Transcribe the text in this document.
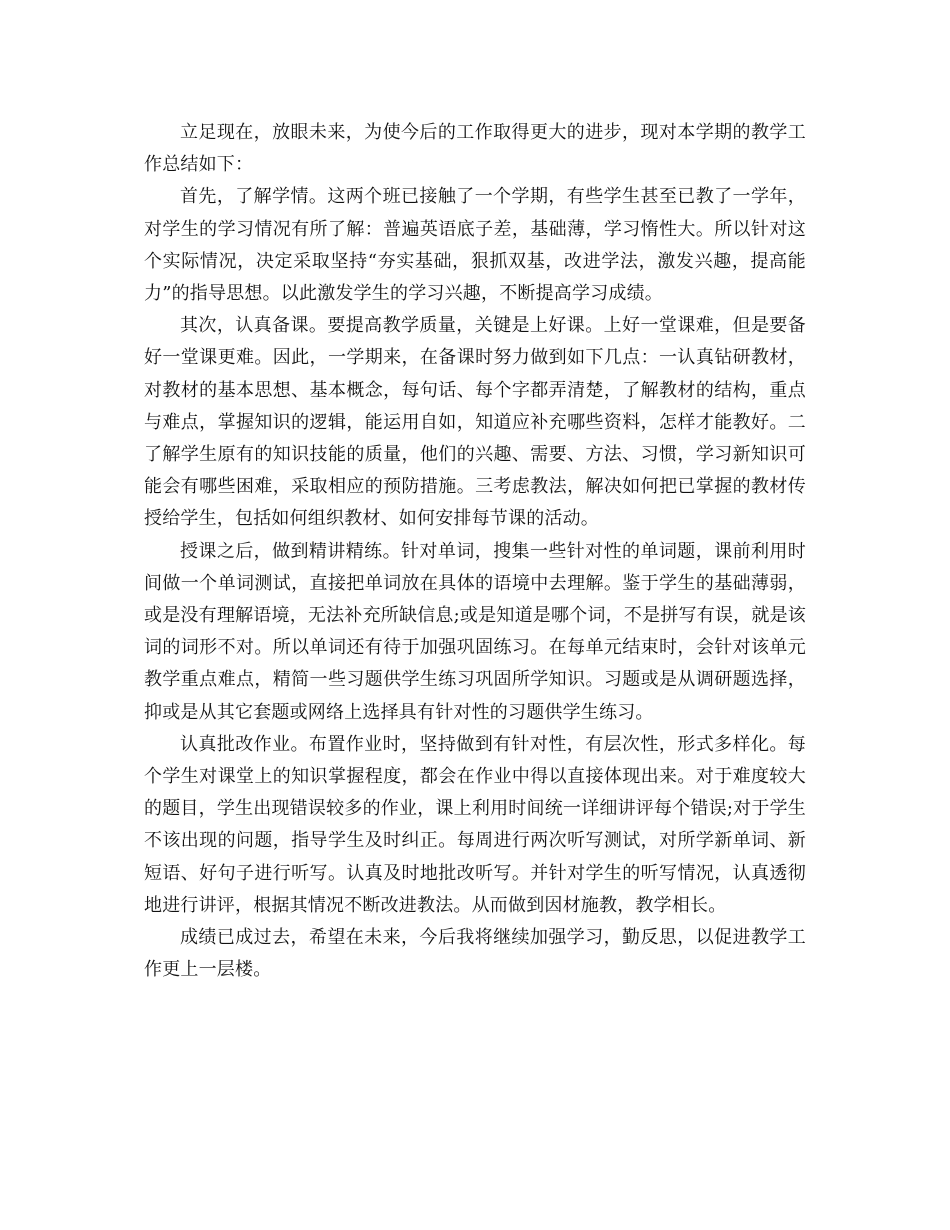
立足现在，放眼未来，为使今后的工作取得更大的进步，现对本学期的教学工作总结如下：

首先，了解学情。这两个班已接触了一个学期，有些学生甚至已教了一学年，对学生的学习情况有所了解：普遍英语底子差，基础薄，学习惰性大。所以针对这个实际情况，决定采取坚持“夯实基础，狠抓双基，改进学法，激发兴趣，提高能力”的指导思想。以此激发学生的学习兴趣，不断提高学习成绩。

其次，认真备课。要提高教学质量，关键是上好课。上好一堂课难，但是要备好一堂课更难。因此，一学期来，在备课时努力做到如下几点：一认真钻研教材，对教材的基本思想、基本概念，每句话、每个字都弄清楚，了解教材的结构，重点与难点，掌握知识的逻辑，能运用自如，知道应补充哪些资料，怎样才能教好。二了解学生原有的知识技能的质量，他们的兴趣、需要、方法、习惯，学习新知识可能会有哪些困难，采取相应的预防措施。三考虑教法，解决如何把已掌握的教材传授给学生，包括如何组织教材、如何安排每节课的活动。

授课之后，做到精讲精练。针对单词，搜集一些针对性的单词题，课前利用时间做一个单词测试，直接把单词放在具体的语境中去理解。鉴于学生的基础薄弱，或是没有理解语境，无法补充所缺信息;或是知道是哪个词，不是拼写有误，就是该词的词形不对。所以单词还有待于加强巩固练习。在每单元结束时，会针对该单元教学重点难点，精简一些习题供学生练习巩固所学知识。习题或是从调研题选择，抑或是从其它套题或网络上选择具有针对性的习题供学生练习。

认真批改作业。布置作业时，坚持做到有针对性，有层次性，形式多样化。每个学生对课堂上的知识掌握程度，都会在作业中得以直接体现出来。对于难度较大的题目，学生出现错误较多的作业，课上利用时间统一详细讲评每个错误;对于学生不该出现的问题，指导学生及时纠正。每周进行两次听写测试，对所学新单词、新短语、好句子进行听写。认真及时地批改听写。并针对学生的听写情况，认真透彻地进行讲评，根据其情况不断改进教法。从而做到因材施教，教学相长。

成绩已成过去，希望在未来，今后我将继续加强学习，勤反思，以促进教学工作更上一层楼。
